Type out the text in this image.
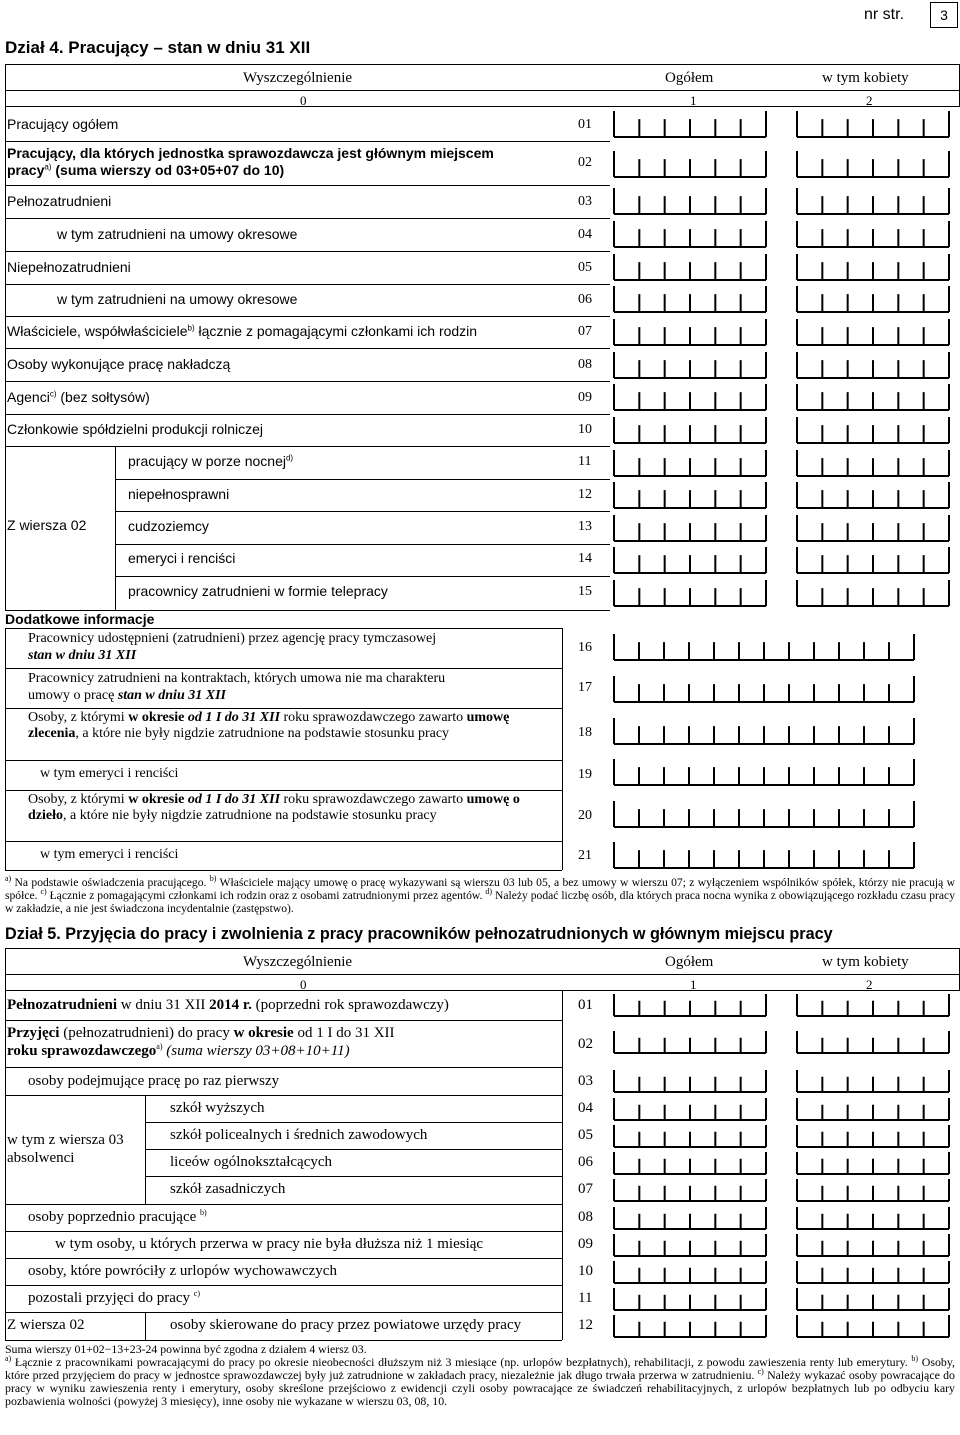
nr str.	3
Dział 4. Pracujący – stan w dniu 31 XII
Wyszczególnienie	Ogółem	w tym kobiety
0	1	2
Pracujący ogółem	01
Pracujący, dla których jednostka sprawozdawcza jest głównym miejscem
pracy$^{a)}$ (suma wierszy od 03+05+07 do 10)	02
Pełnozatrudnieni	03
w tym zatrudnieni na umowy okresowe	04
Niepełnozatrudnieni	05
w tym zatrudnieni na umowy okresowe	06
Właściciele, współwłaściciele$^{b)}$ łącznie z pomagającymi członkami ich rodzin	07
Osoby wykonujące pracę nakładczą	08
Agenci$^{c)}$ (bez sołtysów)	09
Członkowie spółdzielni produkcji rolniczej	10
Z wiersza 02
pracujący w porze nocnej$^{d)}$	11
niepełnosprawni	12
cudzoziemcy	13
emeryci i renciści	14
pracownicy zatrudnieni w formie telepracy	15
Dodatkowe informacje
Pracownicy udostępnieni (zatrudnieni) przez agencję pracy tymczasowej
stan w dniu 31 XII
16
Pracownicy zatrudnieni na kontraktach, których umowa nie ma charakteru
umowy o pracę stan w dniu 31 XII
17
Osoby, z którymi w okresie od 1 I do 31 XII roku sprawozdawczego zawarto umowę zlecenia, a które nie były nigdzie zatrudnione na podstawie stosunku pracy	18
w tym emeryci i renciści	19
Osoby, z którymi w okresie od 1 I do 31 XII roku sprawozdawczego zawarto umowę o dzieło, a które nie były nigdzie zatrudnione na podstawie stosunku pracy	20
w tym emeryci i renciści	21
$^{a)}$ Na podstawie oświadczenia pracującego. $^{b)}$ Właściciele mający umowę o pracę wykazywani są wierszu 03 lub 05, a bez umowy w wierszu 07; z wyłączeniem wspólników spółek, którzy nie pracują w spółce. $^{c)}$ Łącznie z pomagającymi członkami ich rodzin oraz z osobami zatrudnionymi przez agentów. $^{d)}$ Należy podać liczbę osób, dla których praca nocna wynika z obowiązującego rozkładu czasu pracy w zakładzie, a nie jest świadczona incydentalnie (zastępstwo).
Dział 5. Przyjęcia do pracy i zwolnienia z pracy pracowników pełnozatrudnionych w głównym miejscu pracy
Wyszczególnienie	Ogółem	w tym kobiety
0	1	2
Pełnozatrudnieni w dniu 31 XII 2014 r. (poprzedni rok sprawozdawczy)	01
Przyjęci (pełnozatrudnieni) do pracy w okresie od 1 I do 31 XII
roku sprawozdawczego$^{a)}$ (suma wierszy 03+08+10+11)	02
osoby podejmujące pracę po raz pierwszy	03
w tym z wiersza 03 absolwenci
szkół wyższych	04
szkół policealnych i średnich zawodowych	05
liceów ogólnokształcących	06
szkół zasadniczych	07
osoby poprzednio pracujące $^{b)}$	08
w tym osoby, u których przerwa w pracy nie była dłuższa niż 1 miesiąc	09
osoby, które powróciły z urlopów wychowawczych	10
pozostali przyjęci do pracy $^{c)}$	11
Z wiersza 02	osoby skierowane do pracy przez powiatowe urzędy pracy	12
Suma wierszy 01+02−13+23-24 powinna być zgodna z działem 4 wiersz 03.
$^{a)}$ Łącznie z pracownikami powracającymi do pracy po okresie nieobecności dłuższym niż 3 miesiące (np. urlopów bezpłatnych), rehabilitacji, z powodu zawieszenia renty lub emerytury. $^{b)}$ Osoby, które przed przyjęciem do pracy w jednostce sprawozdawczej były już zatrudnione w zakładach pracy, niezależnie jak długo trwała przerwa w zatrudnieniu. $^{c)}$ Należy wykazać osoby powracające do pracy w wyniku zawieszenia renty i emerytury, osoby skreślone przejściowo z ewidencji czyli osoby powracające ze świadczeń rehabilitacyjnych, z urlopów bezpłatnych lub po odbyciu kary pozbawienia wolności (powyżej 3 miesięcy), inne osoby nie wykazane w wierszu 03, 08, 10.
